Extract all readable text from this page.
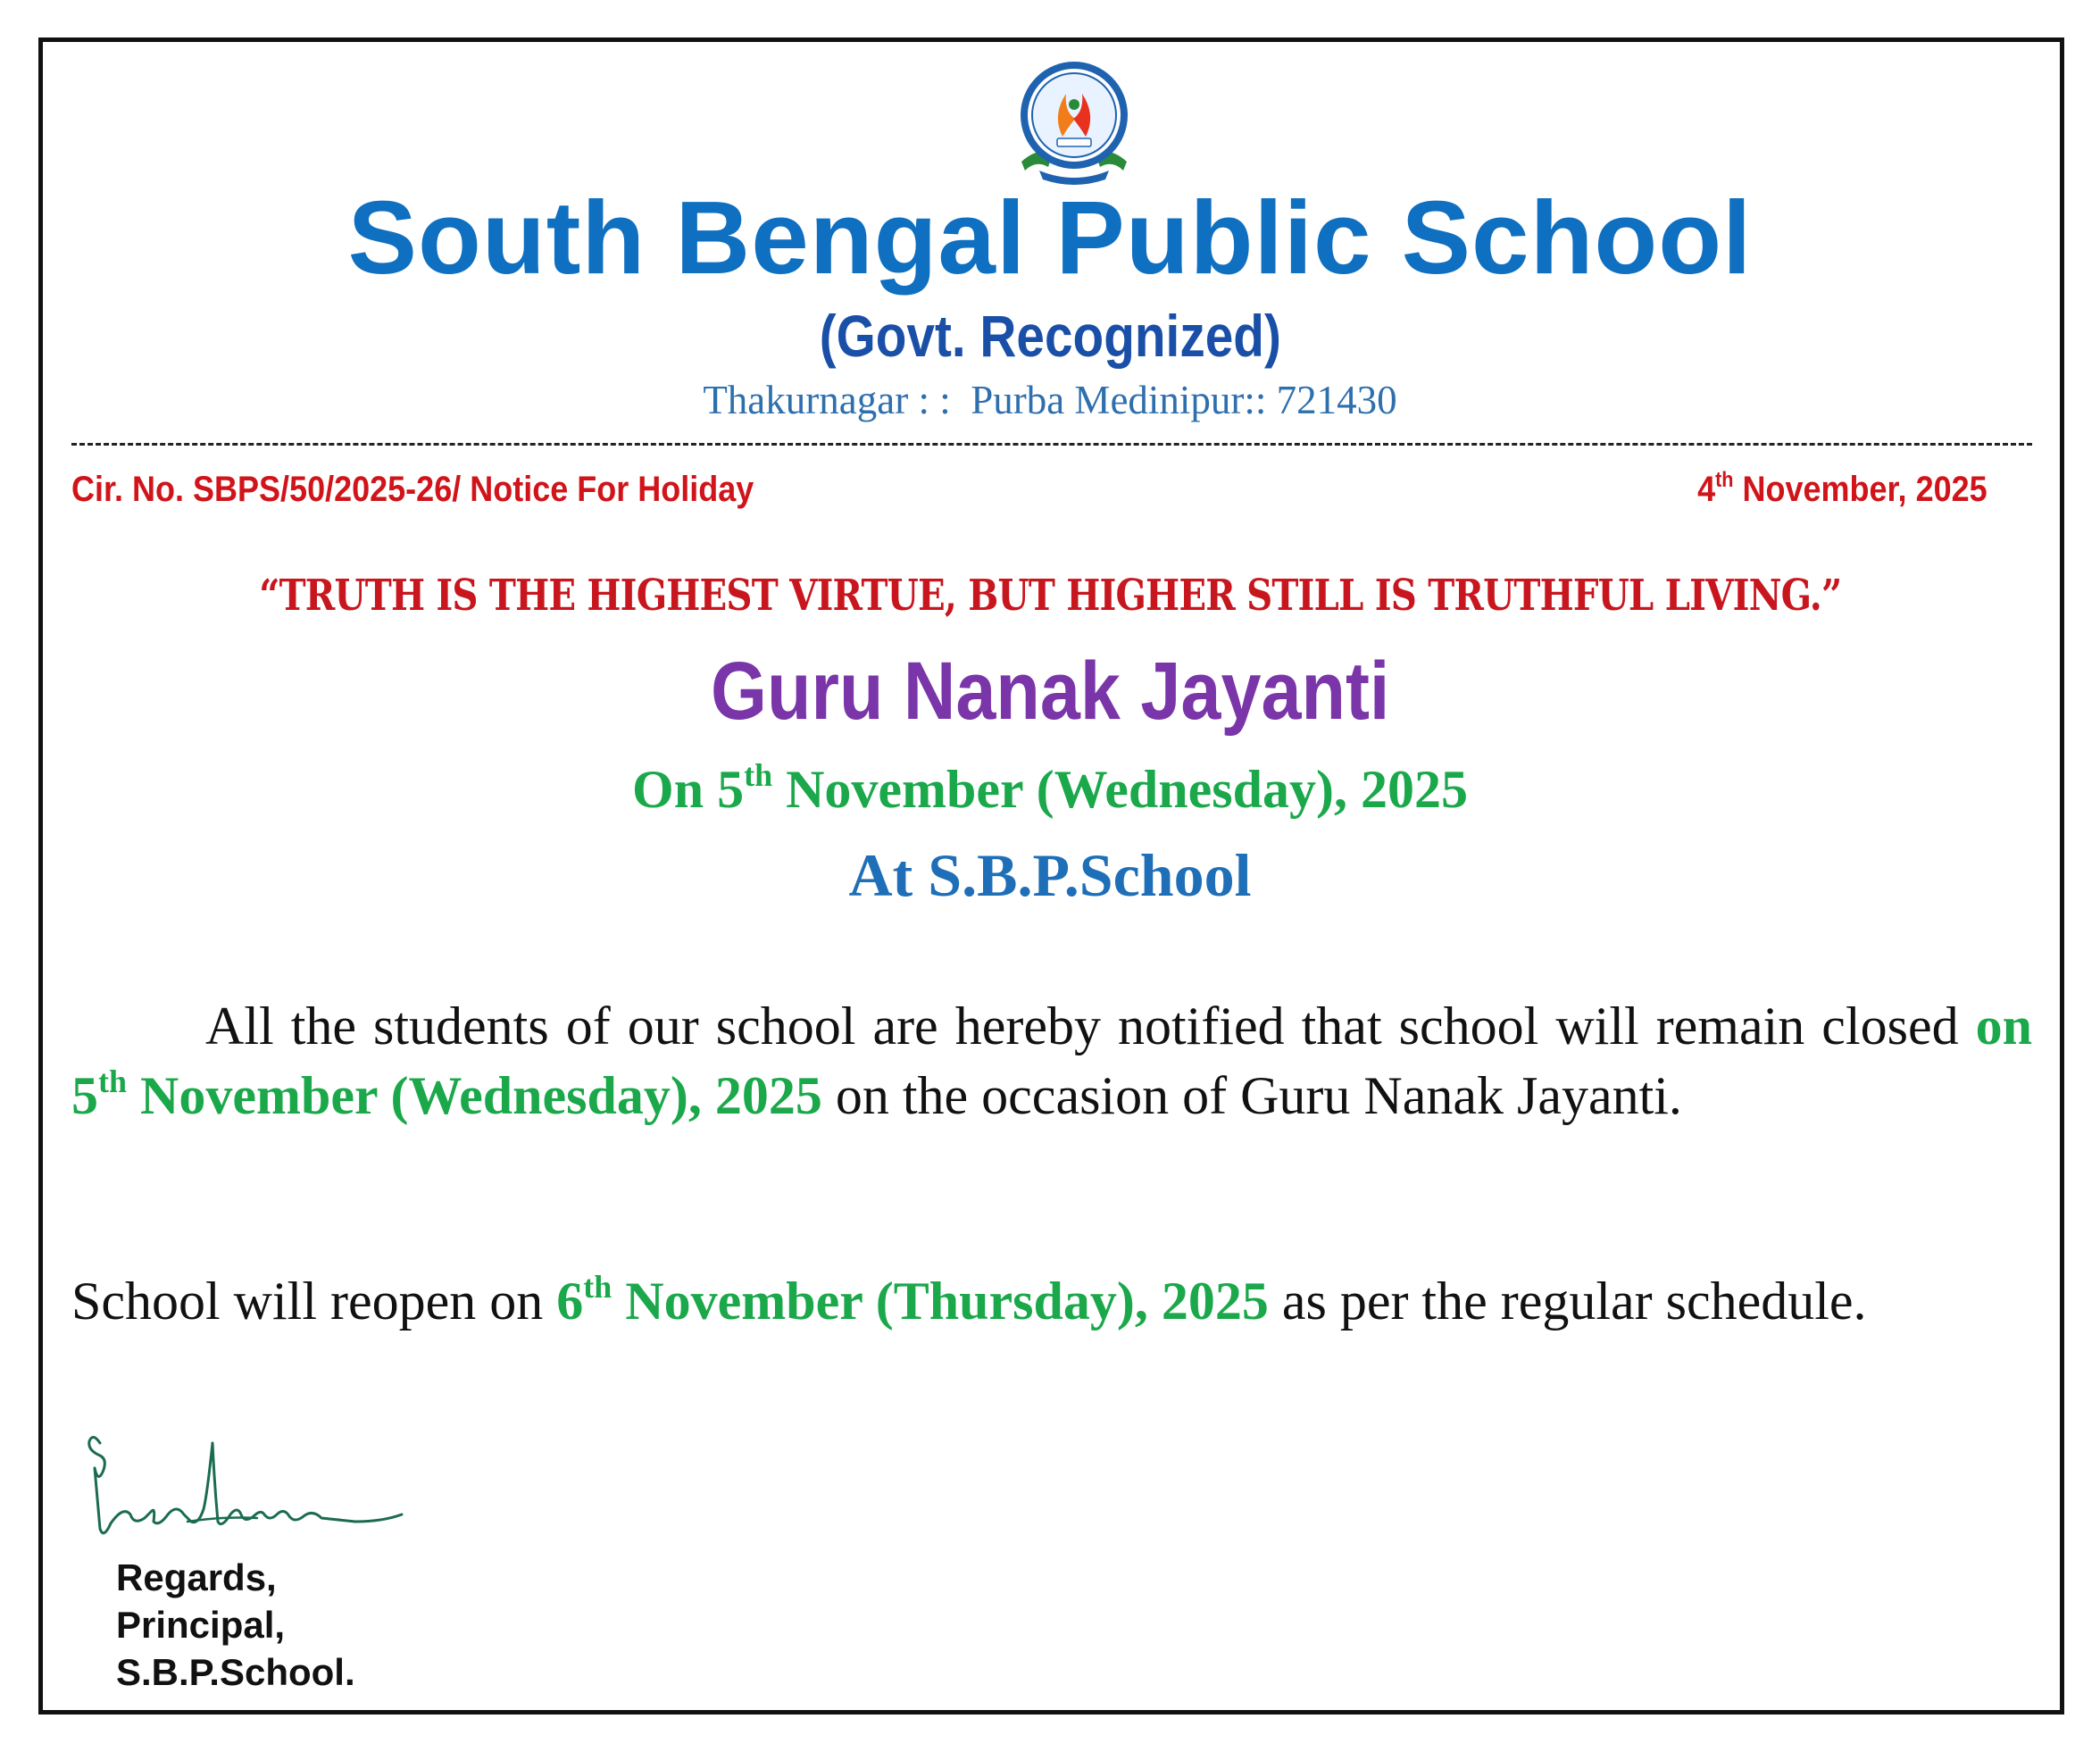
South Bengal Public School
(Govt. Recognized)
Thakurnagar : :  Purba Medinipur:: 721430
Cir. No. SBPS/50/2025-26/ Notice For Holiday	4th November, 2025
“TRUTH IS THE HIGHEST VIRTUE, BUT HIGHER STILL IS TRUTHFUL LIVING.”
Guru Nanak Jayanti
On 5th November (Wednesday), 2025
At S.B.P.School
All the students of our school are hereby notified that school will remain closed on 5th November (Wednesday), 2025 on the occasion of Guru Nanak Jayanti.
School will reopen on 6th November (Thursday), 2025 as per the regular schedule.
Regards,
Principal,
S.B.P.School.
